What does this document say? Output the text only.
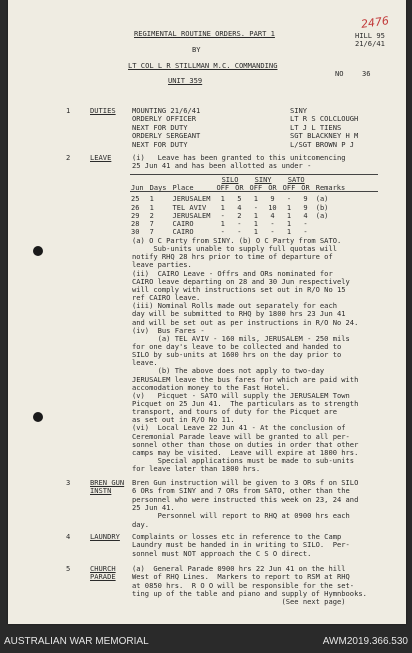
2476
REGIMENTAL ROUTINE ORDERS. PART 1
BY
LT COL L R STILLMAN M.C. COMMANDING
UNIT 359
HILL 95
21/6/41
NO	36
1	DUTIES MOUNTING 21/6/41	SINY
ORDERLY OFFICER	LT R S COLCLOUGH
NEXT FOR DUTY	LT J L TIENS
ORDERLY SERGEANT	SGT BLACKNEY H M
NEXT FOR DUTY	L/SGT BROWN P J
2	LEAVE	(i)   Leave has been granted to this unitcomencing
25 Jun 41 and has been allotted as under -
			SILO		SINY		SATO		
Jun	Days	Place	OFF	OR	OFF	OR	OFF	OR	Remarks

25	1	JERUSALEM	1	5	1	9	-	9	(a)
26	1	TEL AVIV	1	4	-	10	1	9	(b)
29	2	JERUSALEM	-	2	1	4	1	4	(a)
28	7	CAIRO	1	-	1	-	1	-	
30	7	CAIRO	-	-	1	-	1	-	
(a) O C Party from SINY. (b) O C Party from SATO.
Sub-units unable to supply full quotas will
notify RHQ 28 hrs prior to time of departure of
leave parties.
(ii)  CAIRO Leave - Offrs and ORs nominated for
CAIRO leave departing on 28 and 30 Jun respectively
will comply with instructions set out in R/O No 15
ref CAIRO leave.
(iii) Nominal Rolls made out separately for each
day will be submitted to RHQ by 1800 hrs 23 Jun 41
and will be set out as per instructions in R/O No 24.
(iv)  Bus Fares -
(a) TEL AVIV - 160 mils, JERUSALEM - 250 mils
for one day's leave to be collected and handed to
SILO by sub-units at 1600 hrs on the day prior to
leave.
(b) The above does not apply to two-day
JERUSALEM leave the bus fares for which are paid with
accomodation money to the Fast Hotel.
(v)   Picquet - SATO will supply the JERUSALEM Town
Picquet on 25 Jun 41.  The particulars as to strength
transport, and tours of duty for the Picquet are
as set out in R/O No 11.
(vi)  Local Leave 22 Jun 41 - At the conclusion of
Ceremonial Parade leave will be granted to all per-
sonnel other than those on duties in order that other
camps may be visited.  Leave will expire at 1800 hrs.
Special applications must be made to sub-units
for leave later than 1800 hrs.
3	BREN GUN
INSTN
Bren Gun instruction will be given to 3 ORs f on SILO
6 ORs from SINY and 7 ORs from SATO, other than the
personnel who were instructed this week on 23, 24 and
25 Jun 41.
Personnel will report to RHQ at 0900 hrs each
day.
4	LAUNDRY Complaints or losses etc in reference to the Camp
Laundry must be handed in in writing to SILO.  Per-
sonnel must NOT approach the C S O direct.
5	CHURCH
PARADE
(a)  General Parade 0900 hrs 22 Jun 41 on the hill
West of RHQ Lines.  Markers to report to RSM at RHQ
at 0850 hrs.  R O O will be responsible for the set-
ting up of the table and piano and supply of Hymnbooks.
(See next page)
AUSTRALIAN WAR MEMORIAL	AWM2019.366.530
